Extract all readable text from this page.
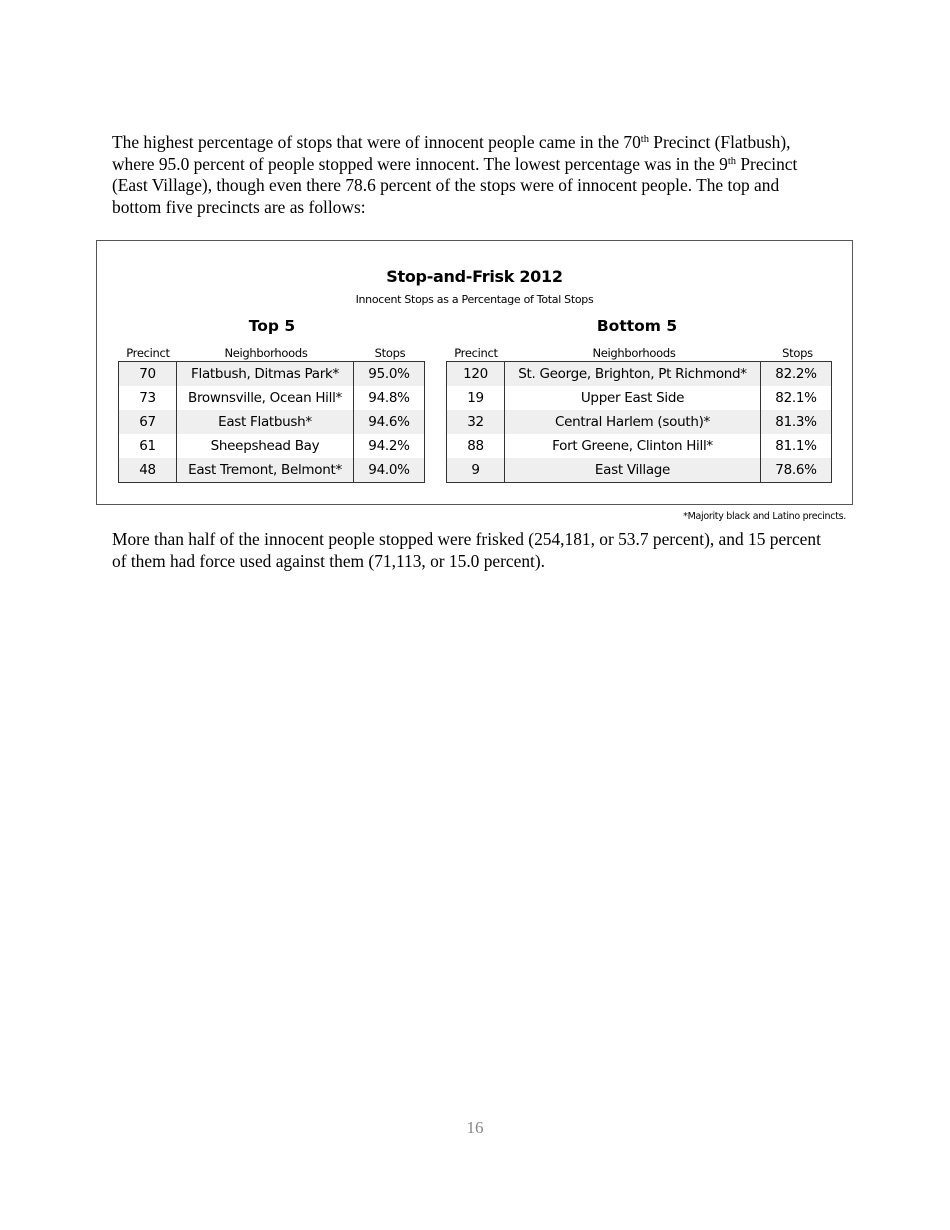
The highest percentage of stops that were of innocent people came in the 70th Precinct (Flatbush), where 95.0 percent of people stopped were innocent. The lowest percentage was in the 9th Precinct (East Village), though even there 78.6 percent of the stops were of innocent people. The top and bottom five precincts are as follows:

Stop-and-Frisk 2012
Innocent Stops as a Percentage of Total Stops
Top 5	Bottom 5
Precinct	Neighborhoods	Stops	Precinct	Neighborhoods	Stops
70	Flatbush, Ditmas Park*	95.0%
73	Brownsville, Ocean Hill*	94.8%
67	East Flatbush*	94.6%
61	Sheepshead Bay	94.2%
48	East Tremont, Belmont*	94.0%
120	St. George, Brighton, Pt Richmond*	82.2%
19	Upper East Side	82.1%
32	Central Harlem (south)*	81.3%
88	Fort Greene, Clinton Hill*	81.1%
9	East Village	78.6%
*Majority black and Latino precincts.

More than half of the innocent people stopped were frisked (254,181, or 53.7 percent), and 15 percent of them had force used against them (71,113, or 15.0 percent).

16
